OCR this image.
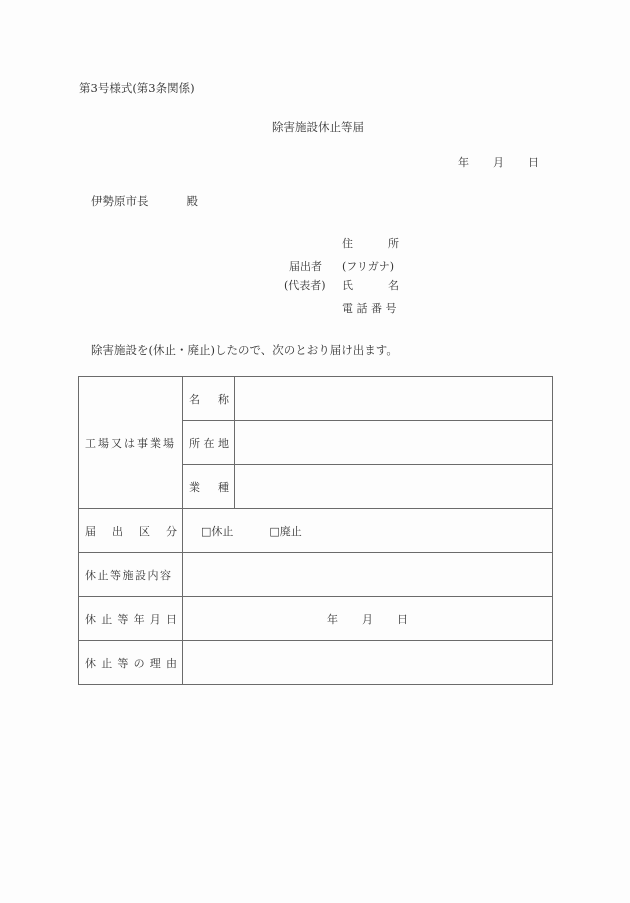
第3号様式(第3条関係)
除害施設休止等届
年 月 日
伊勢原市長	殿
住	所
届出者 (フリガナ)
(代表者) 氏	名
電 話 番 号
除害施設を(休止・廃止)したので、次のとおり届け出ます。
工場又は事業場	名 称	

	所 在 地	

	業 種	

届 出 区 分	□休止 □廃止	

休止等施設内容		

休 止 等 年 月 日	年 月 日

休 止 等 の 理 由
